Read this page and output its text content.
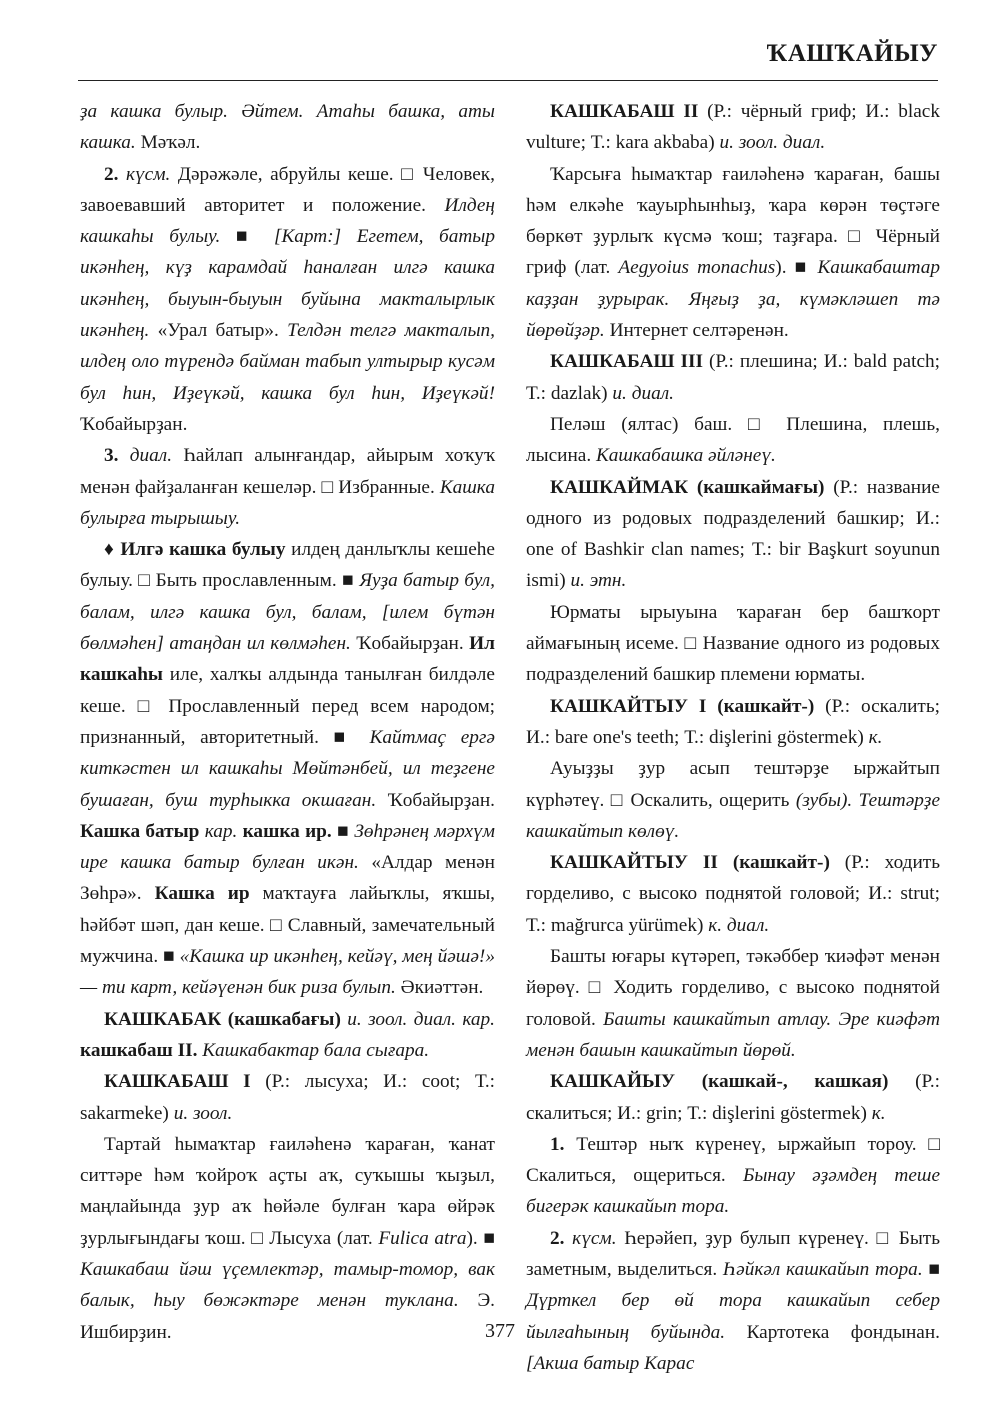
ҠАШҠАЙЫУ

ҙа кашка булыр. Әйтем. Атаһы башка, аты кашка. Мәҡәл.

2. күсм. Дәрәжәле, абруйлы кеше. □ Человек, завоевавший авторитет и положение. Илдең кашкаһы булыу. ■ [Карт:] Егетем, батыр икәнһең, күҙ карамдай һаналған илгә кашка икәнһең, быуын-быуын буйына мактал​ырлык икәнһең. «Урал батыр». Телдән телгә мактал​ып, илдең оло түрендә байман табып ултырыр кусәм бул һин, Иҙеүкәй, кашка бул һин, Иҙеүкәй! Ҡобайырҙан.

3. диал. Һайлап алынғандар, айырым хоҡуҡ менән файҙаланған кешеләр. □ Избранные. Кашка булырға тырышыу.

♦ Илгә кашка булыу илдең данлыҡлы кешеһе булыу. □ Быть прославленным. ■ Яуҙа батыр бул, балам, илгә кашка бул, балам, [илем бүтән бөлмәһен] атаңдан ил көлмәһен. Ҡобайырҙан. Ил кашкаһы иле, халҡы алдында танылған билдәле кеше. □ Прославленный перед всем народом; признанный, авторитетный. ■ Кайтмаҫ ергә киткәстен ил кашкаһы Мөйтәнбей, ил теҙгене бушаған, буш турһыкка окшаған. Ҡобайырҙан. Кашка батыр кар. кашка ир. ■ Зөһрәнең мәрхүм ире кашка батыр булған икән. «Алдар менән Зөһрә». Кашка ир маҡтауға лайыҡлы, яҡшы, һәйбәт шәп, дан кеше. □ Славный, замечательный мужчина. ■ «Кашка ир икәнһең, кейәү, мең йәшә!» — ти карт, кейәүенән бик риза булып. Әкиәттән.

КАШКАБАК (кашкабағы) и. зоол. диал. кар. кашкабаш II. Кашкабактар бала сығара.

КАШКАБАШ I (Р.: лысуха; И.: coot; Т.: sakarmeke) и. зоол.

Тартай һымаҡтар ғаиләһенә ҡараған, ҡанат ситтәре һәм ҡойроҡ аҫты аҡ, суҡышы ҡыҙыл, маңлайында ҙур аҡ һөйәле булған ҡара өйрәк ҙурлығындағы ҡош. □ Лысуха (лат. Fulica atra). ■ Кашкабаш йәш үҫемлектәр, тамыр-томор, вак балык, һыу бөжәктәре менән туклана. Э. Ишбирҙин.

КАШКАБАШ II (Р.: чёрный гриф; И.: black vulture; Т.: kara akbaba) и. зоол. диал.

Ҡарсығa һымаҡтар ғаиләһенә ҡараған, башы һәм елкәһе ҡауырһынһыҙ, ҡара көрән төҫтәге бөркөт ҙурлыҡ күсмә ҡош; таҙғара. □ Чёрный гриф (лат. Aegyoius monachus). ■ Кашкабаштар каҙҙан ҙурырак. Яңғыҙ ҙа, күмәкләшеп тә йөрөйҙәр. Интернет селтәренән.

КАШКАБАШ III (Р.: плешина; И.: bald patch; Т.: dazlak) и. диал.

Пеләш (ялтас) баш. □ Плешина, плешь, лысина. Кашкабашка әйләнеү.

КАШКАЙМАК (кашкаймағы) (Р.: название одного из родовых подразделений башкир; И.: one of Bashkir clan names; Т.: bir Başkurt soyunun ismi) и. этн.

Юрматы ырыуына ҡараған бер башҡорт аймағының исеме. □ Название одного из родовых подразделений башкир племени юрматы.

КАШКАЙТЫУ I (кашкайт-) (Р.: оскалить; И.: bare one's teeth; Т.: dişlerini göstermek) к.

Ауыҙҙы ҙур асып тештәрҙе ыржайтып күрһәтеү. □ Оскалить, ощерить (зубы). Тештәрҙе кашкайтып көлөү.

КАШКАЙТЫУ II (кашкайт-) (Р.: ходить горделиво, с высоко поднятой головой; И.: strut; Т.: mağrurca yürümek) к. диал.

Башты юғары күтәреп, тәкәббер ҡиәфәт менән йөрөү. □ Ходить горделиво, с высоко поднятой головой. Башты кашкайтып атлау. Эре киәфәт менән башын кашкайтып йөрөй.

КАШКАЙЫУ (кашкай-, кашкая) (Р.: скалиться; И.: grin; Т.: dişlerini göstermek) к.

1. Тештәр ныҡ күренеү, ыржайып тороу. □ Скалиться, ощериться. Бынау әҙәмдең теше бигерәк кашкайып тора.

2. күсм. Һерәйеп, ҙур булып күренеү. □ Быть заметным, выделиться. Һәйкәл кашкайып тора. ■ Дүрткел бер өй тора кашкайып себер йылғаһының буйында. Картотека фондынан. [Акша батыр Карас

377
